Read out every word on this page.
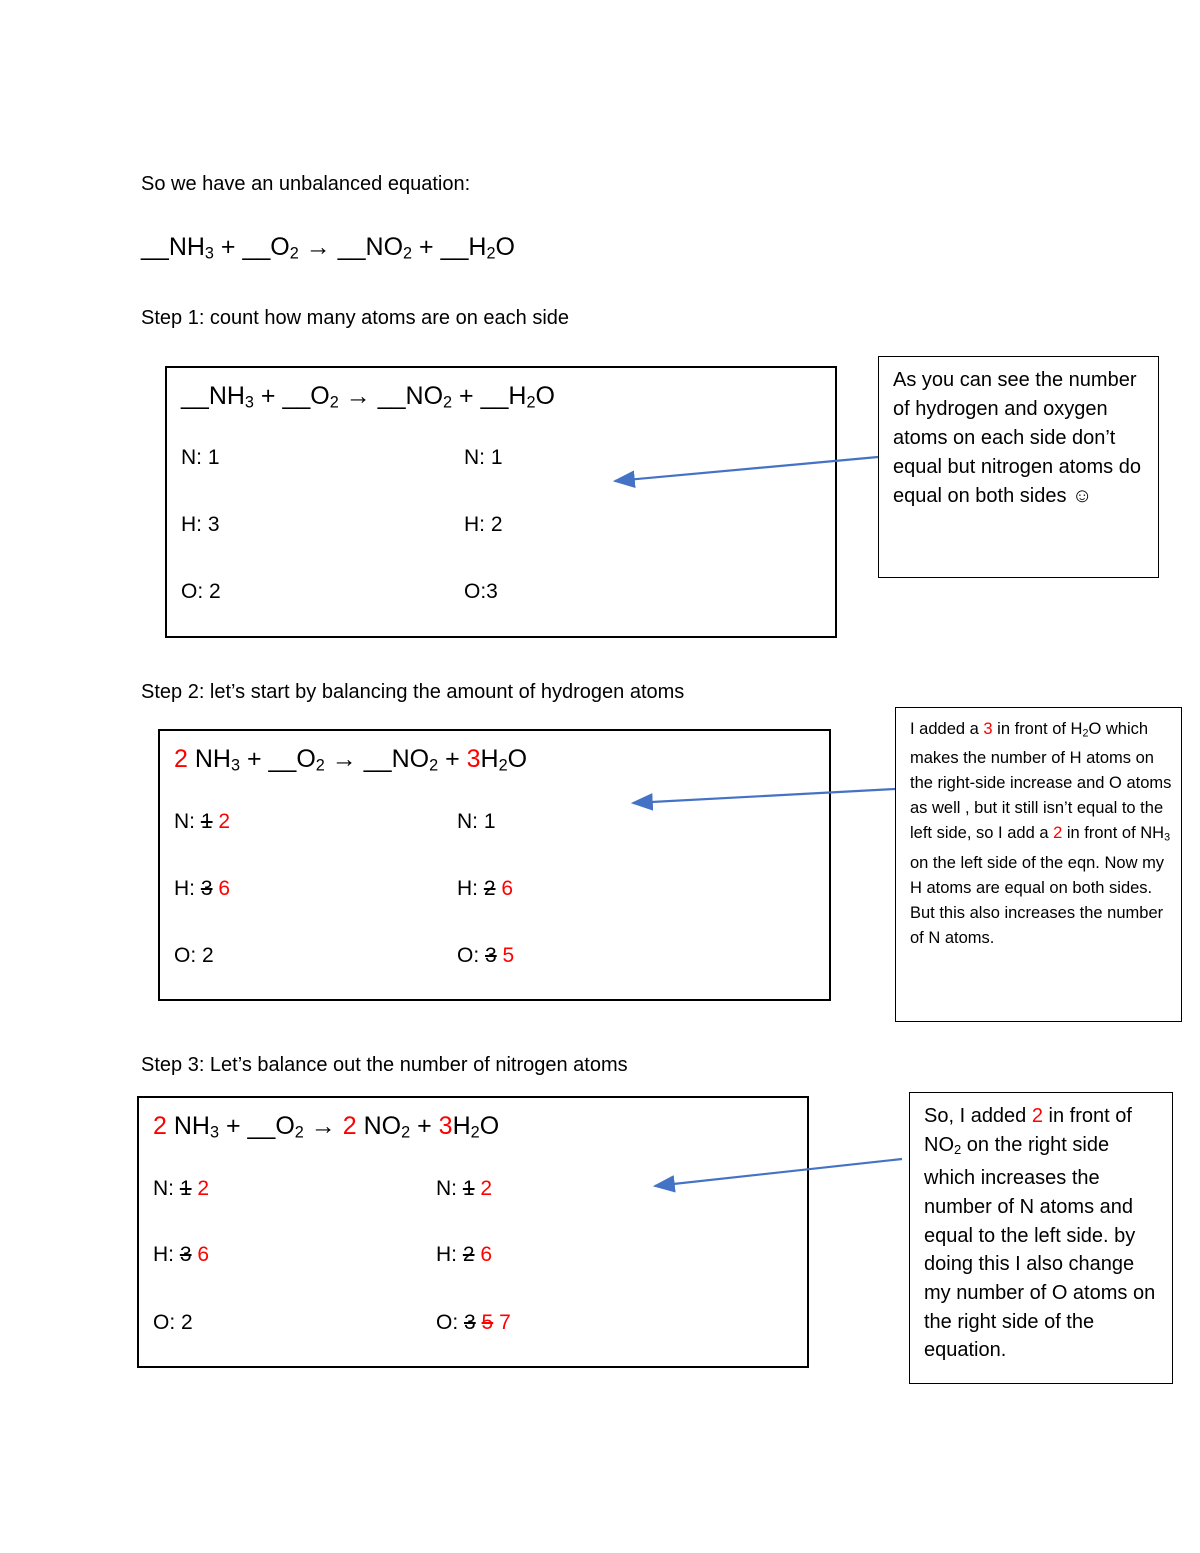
So we have an unbalanced equation:
$\_\_NH_3$ + $\_\_O_2$ → $\_\_NO_2$ + $\_\_H_2O$
Step 1: count how many atoms are on each side
$\_\_NH_3$ + $\_\_O_2$ → $\_\_NO_2$ + $\_\_H_2O$
N: 1
H: 3
O: 2
N: 1
H: 2
O:3
As you can see the number of hydrogen and oxygen atoms on each side don’t equal but nitrogen atoms do equal on both sides ☺
Step 2: let’s start by balancing the amount of hydrogen atoms
2 $NH_3$ + $\_\_O_2$ → $\_\_NO_2 + 3H_2O$
N: 1 2
H: 3 6
O: 2
N: 1
H: 2 6
O: 3 5
I added a 3 in front of $H_2O$ which makes the number of H atoms on the right-side increase and O atoms as well , but it still isn’t equal to the left side, so I add a 2 in front of $NH_3$ on the left side of the eqn. Now my H atoms are equal on both sides. But this also increases the number of N atoms.
Step 3: Let’s balance out the number of nitrogen atoms
2 $NH_3$ + $\_\_O_2 \to 2$ $NO_2 + 3H_2O$
N: 1 2
H: 3 6
O: 2
N: 1 2
H: 2 6
O: 3 5 7
So, I added 2 in front of $NO_2$ on the right side which increases the number of N atoms and equal to the left side. by doing this I also change my number of O atoms on the right side of the equation.
